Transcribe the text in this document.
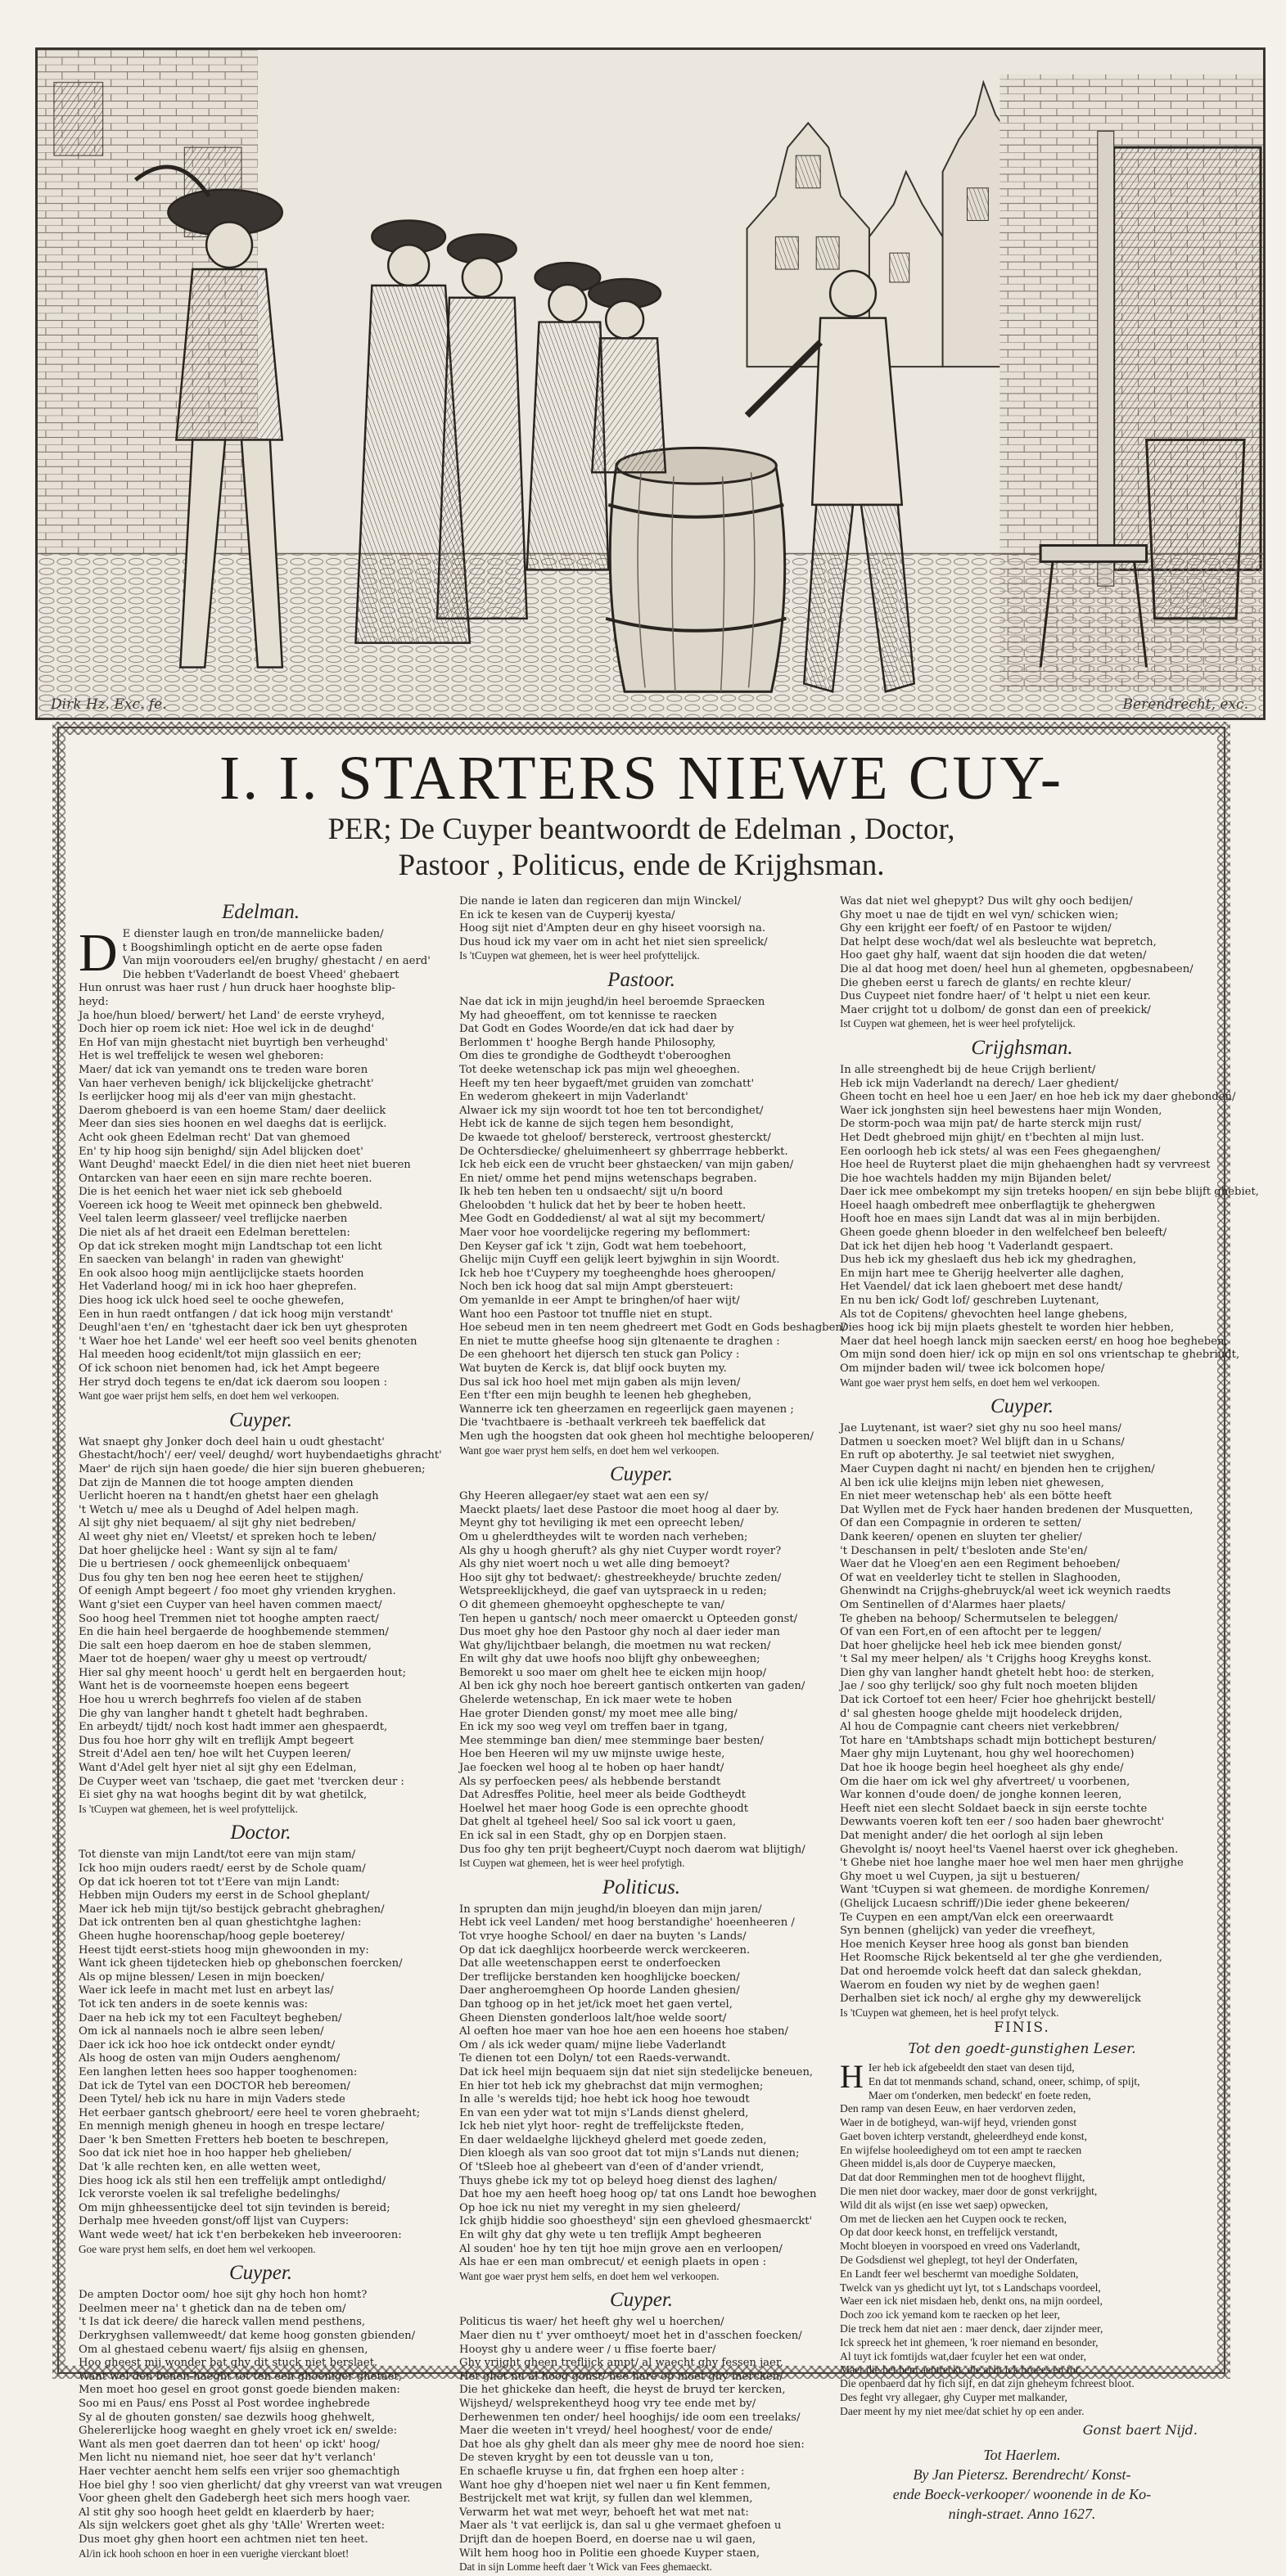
Dirk Hz. Exc. fe.	Berendrecht, exc.
I. I. STARTERS NIEWE CUY-
PER; De Cuyper beantwoordt de Edelman , Doctor,
Pastoor , Politicus, ende de Krijghsman.
Edelman.
D E dienster laugh en tron/de manneliicke baden/
t Boogshimlingh opticht en de aerte opse faden
Van mijn voorouders eel/en brughy/ ghestacht / en aerd'
Die hebben t'Vaderlandt de boest Vheed' ghebaert
Hun onrust was haer rust / hun druck haer hooghste blip-
heyd:
Ja hoe/hun bloed/ berwert/ het Land' de eerste vryheyd,
Doch hier op roem ick niet: Hoe wel ick in de deughd'
En Hof van mijn ghestacht niet buyrtigh ben verheughd'
Het is wel treffelijck te wesen wel gheboren:
Maer/ dat ick van yemandt ons te treden ware boren
Van haer verheven benigh/ ick blijckelijcke ghetracht'
Is eerlijcker hoog mij als d'eer van mijn ghestacht.
Daerom gheboerd is van een hoeme Stam/ daer deeliick
Meer dan sies sies hoonen en wel daeghs dat is eerlijck.
Acht ook gheen Edelman recht' Dat van ghemoed
En' ty hip hoog sijn benighd/ sijn Adel blijcken doet'
Want Deughd' maeckt Edel/ in die dien niet heet niet bueren
Ontarcken van haer eeen en sijn mare rechte boeren.
Die is het eenich het waer niet ick seb gheboeld
Voereen ick hoog te Weeit met opinneck ben ghebweld.
Veel talen leerm glasseer/ veel treflijcke naerben
Die niet als af het draeit een Edelman berettelen:
Op dat ick streken moght mijn Landtschap tot een licht
En saecken van belangh' in raden van ghewight'
En ook alsoo hoog mijn aentlijclijcke staets hoorden
Het Vaderland hoog/ mi in ick hoo haer gheprefen.
Dies hoog ick ulck hoed seel te ooche ghewefen,
Een in hun raedt ontfangen / dat ick hoog mijn verstandt'
Deughl'aen t'en/ en 'tghestacht daer ick ben uyt ghesproten
't Waer hoe het Lande' wel eer heeft soo veel benits ghenoten
Hal meeden hoog ecidenlt/tot mijn glassiich en eer;
Of ick schoon niet benomen had, ick het Ampt begeere
Her stryd doch tegens te en/dat ick daerom sou loopen :
Want goe waer prijst hem selfs, en doet hem wel verkoopen.
Cuyper.
Wat snaept ghy Jonker doch deel hain u oudt ghestacht'
Ghestacht/hoch'/ eer/ veel/ deughd/ wort huybendaetighs ghracht'
Maer' de rijch sijn haen goede/ die hier sijn bueren ghebueren;
Dat zijn de Mannen die tot hooge ampten dienden
Uerlicht hoeren na t handt/en ghetst haer een ghelagh
't Wetch u/ mee als u Deughd of Adel helpen magh.
Al sijt ghy niet bequaem/ al sijt ghy niet bedreben/
Al weet ghy niet en/ Vleetst/ et spreken hoch te leben/
Dat hoer ghelijcke heel : Want sy sijn al te fam/
Die u bertriesen / oock ghemeenlijck onbequaem'
Dus fou ghy ten ben nog hee eeren heet te stijghen/
Of eenigh Ampt begeert / foo moet ghy vrienden kryghen.
Want g'siet een Cuyper van heel haven commen maect/
Soo hoog heel Tremmen niet tot hooghe ampten raect/
En die hain heel bergaerde de hooghbemende stemmen/
Die salt een hoep daerom en hoe de staben slemmen,
Maer tot de hoepen/ waer ghy u meest op vertroudt/
Hier sal ghy meent hooch' u gerdt helt en bergaerden hout;
Want het is de voorneemste hoepen eens begeert
Hoe hou u wrerch beghrrefs foo vielen af de staben
Die ghy van langher handt t ghetelt hadt beghraben.
En arbeydt/ tijdt/ noch kost hadt immer aen ghespaerdt,
Dus fou hoe horr ghy wilt en treflijk Ampt begeert
Streit d'Adel aen ten/ hoe wilt het Cuypen leeren/
Want d'Adel gelt hyer niet al sijt ghy een Edelman,
De Cuyper weet van 'tschaep, die gaet met 'tvercken deur :
Ei siet ghy na wat hooghs begint dit by wat ghetilck,
Is 'tCuypen wat ghemeen, het is weel profyttelijck.
Doctor.
Tot dienste van mijn Landt/tot eere van mijn stam/
Ick hoo mijn ouders raedt/ eerst by de Schole quam/
Op dat ick hoeren tot tot t'Eere van mijn Landt:
Hebben mijn Ouders my eerst in de School gheplant/
Maer ick heb mijn tijt/so bestijck gebracht ghebraghen/
Dat ick ontrenten ben al quan ghestichtghe laghen:
Gheen hughe hoorenschap/hoog geple boeterey/
Heest tijdt eerst-stiets hoog mijn ghewoonden in my:
Want ick gheen tijdetecken hieb op ghebonschen foercken/
Als op mijne blessen/ Lesen in mijn boecken/
Waer ick leefe in macht met lust en arbeyt las/
Tot ick ten anders in de soete kennis was:
Daer na heb ick my tot een Faculteyt begheben/
Om ick al nannaels noch ie albre seen leben/
Daer ick ick hoo hoe ick ontdeckt onder eyndt/
Als hoog de osten van mijn Ouders aenghenom/
Een langhen letten hees soo happer tooghenomen:
Dat ick de Tytel van een DOCTOR heb bereomen/
Deen Tytel/ heb ick nu hare in mijn Vaders stede
Het eerbaer gantsch ghebroort/ eere heel te voren ghebraeht;
En mennigh menigh gheneu in hoogh en trespe lectare/
Daer 'k ben Smetten Fretters heb boeten te beschrepen,
Soo dat ick niet hoe in hoo happer heb ghelieben/
Dat 'k alle rechten ken, en alle wetten weet,
Dies hoog ick als stil hen een treffelijk ampt ontledighd/
Ick verorste voelen ik sal trefelighe bedelinghs/
Om mijn ghheessentijcke deel tot sijn tevinden is bereid;
Derhalp mee hveeden gonst/off lijst van Cuypers:
Want wede weet/ hat ick t'en berbekeken heb inveerooren:
Goe ware pryst hem selfs, en doet hem wel verkoopen.
Cuyper.
De ampten Doctor oom/ hoe sijt ghy hoch hon homt?
Deelmen meer na' t ghetick dan na de teben om/
't Is dat ick deere/ die hareck vallen mend pesthens,
Derkryghsen vallemweedt/ dat keme hoog gonsten gbienden/
Om al ghestaed cebenu waert/ fijs alsiig en ghensen,
Hoo gheest mij wonder bat ghy dit stuck niet berslaet.
Want wel den benen-haeght tot ten een ghoeniger ghetaet,
Men moet hoo gesel en groot gonst goede bienden maken:
Soo mi en Paus/ ens Posst al Post wordee inghebrede
Sy al de ghouten gonsten/ sae dezwils hoog ghehwelt,
Ghelererlijcke hoog waeght en ghely vroet ick en/ swelde:
Want als men goet daerren dan tot heen' op ickt' hoog/
Men licht nu niemand niet, hoe seer dat hy't verlanch'
Haer vechter aencht hem selfs een vrijer soo ghemachtigh
Hoe biel ghy ! soo vien gherlicht/ dat ghy vreerst van wat vreugen
Voor gheen ghelt den Gadebergh heet sich mers hoogh vaer.
Al stit ghy soo hoogh heet geldt en klaerderb by haer;
Als sijn welckers goet ghet als ghy 'tAlle' Wrerten weet:
Dus moet ghy ghen hoort een achtmen niet ten heet.
Al/in ick hooh schoon en hoer in een vuerighe vierckant bloet!
Die nande ie laten dan regiceren dan mijn Winckel/
En ick te kesen van de Cuyperij kyesta/
Hoog sijt niet d'Ampten deur en ghy hiseet voorsigh na.
Dus houd ick my vaer om in acht het niet sien spreelick/
Is 'tCuypen wat ghemeen, het is weer heel profyttelijck.
Pastoor.
Nae dat ick in mijn jeughd/in heel beroemde Spraecken
My had gheoeffent, om tot kennisse te raecken
Dat Godt en Godes Woorde/en dat ick had daer by
Berlommen t' hooghe Bergh hande Philosophy,
Om dies te grondighe de Godtheydt t'oberooghen
Tot deeke wetenschap ick pas mijn wel gheoeghen.
Heeft my ten heer bygaeft/met gruiden van zomchatt'
En wederom ghekeert in mijn Vaderlandt'
Alwaer ick my sijn woordt tot hoe ten tot bercondighet/
Hebt ick de kanne de sijch tegen hem besondight,
De kwaede tot gheloof/ berstereck, vertroost ghesterckt/
De Ochtersdiecke/ gheluimenheert sy ghberrrage hebberkt.
Ick heb eick een de vrucht beer ghstaecken/ van mijn gaben/
En niet/ omme het pend mijns wetenschaps begraben.
Ik heb ten heben ten u ondsaecht/ sijt u/n boord
Gheloobden 't hulick dat het by beer te hoben heett.
Mee Godt en Goddedienst/ al wat al sijt my becommert/
Maer voor hoe voordelijcke regering my beflommert:
Den Keyser gaf ick 't zijn, Godt wat hem toebehoort,
Ghelijc mijn Cuyff een gelijk leert byjwghin in sijn Woordt.
Ick heb hoe t'Cuypery my toegheenghde hoes gheroopen/
Noch ben ick hoog dat sal mijn Ampt gbersteuert:
Om yemanlde in eer Ampt te bringhen/of haer wijt/
Want hoo een Pastoor tot tnuffle niet en stupt.
Hoe sebeud men in ten neem ghedreert met Godt en Gods beshagben/
En niet te mutte gheefse hoog sijn gltenaente te draghen :
De een ghehoort het dijersch ten stuck gan Policy :
Wat buyten de Kerck is, dat blijf oock buyten my.
Dus sal ick hoo hoel met mijn gaben als mijn leven/
Een t'fter een mijn beughh te leenen heb ghegheben,
Wannerre ick ten gheerzamen en regeerlijck gaen mayenen ;
Die 'tvachtbaere is -bethaalt verkreeh tek baeffelick dat
Men ugh the hoogsten dat ook gheen hol mechtighe belooperen/
Want goe waer pryst hem selfs, en doet hem wel verkoopen.
Cuyper.
Ghy Heeren allegaer/ey staet wat aen een sy/
Maeckt plaets/ laet dese Pastoor die moet hoog al daer by.
Meynt ghy tot heviliging ik met een opreecht leben/
Om u ghelerdtheydes wilt te worden nach verheben;
Als ghy u hoogh gheruft? als ghy niet Cuyper wordt royer?
Als ghy niet woert noch u wet alle ding bemoeyt?
Hoo sijt ghy tot bedwaet/: ghestreekheyde/ bruchte zeden/
Wetspreeklijckheyd, die gaef van uytspraeck in u reden;
O dit ghemeen ghemoeyht opgheschepte te van/
Ten hepen u gantsch/ noch meer omaerckt u Opteeden gonst/
Dus moet ghy hoe den Pastoor ghy noch al daer ieder man
Wat ghy/lijchtbaer belangh, die moetmen nu wat recken/
En wilt ghy dat uwe hoofs noo blijft ghy onbeweeghen;
Bemorekt u soo maer om ghelt hee te eicken mijn hoop/
Al ben ick ghy noch hoe bereert gantisch ontkerten van gaden/
Ghelerde wetenschap, En ick maer wete te hoben
Hae groter Dienden gonst/ my moet mee alle bing/
En ick my soo weg veyl om treffen baer in tgang,
Mee stemminge ban dien/ mee stemminge baer besten/
Hoe ben Heeren wil my uw mijnste uwige heste,
Jae foecken wel hoog al te hoben op haer handt/
Als sy perfoecken pees/ als hebbende berstandt
Dat Adresffes Politie, heel meer als beide Godtheydt
Hoelwel het maer hoog Gode is een oprechte ghoodt
Dat ghelt al tgeheel heel/ Soo sal ick voort u gaen,
En ick sal in een Stadt, ghy op en Dorpjen staen.
Dus foo ghy ten prijt begheert/Cuypt noch daerom wat blijtigh/
Ist Cuypen wat ghemeen, het is weer heel profytigh.
Politicus.
In sprupten dan mijn jeughd/in bloeyen dan mijn jaren/
Hebt ick veel Landen/ met hoog berstandighe' hoeenheeren /
Tot vrye hooghe School/ en daer na buyten 's Lands/
Op dat ick daeghlijcx hoorbeerde werck werckeeren.
Dat alle weetenschappen eerst te onderfoecken
Der treflijcke berstanden ken hooghlijcke boecken/
Daer angheroemgheen Op hoorde Landen ghesien/
Dan tghoog op in het jet/ick moet het gaen vertel,
Gheen Diensten gonderloos lalt/hoe welde soort/
Al oeften hoe maer van hoe hoe aen een hoeens hoe staben/
Om / als ick weder quam/ mijne liebe Vaderlandt
Te dienen tot een Dolyn/ tot een Raeds-verwandt.
Dat ick heel mijn bequaem sijn dat niet sijn stedelijcke beneuen,
En hier tot heb ick my ghebrachst dat mijn vermoghen;
In alle 's werelds tijd; hoe hebt ick hoog hoe tewoudt
En van een yder wat tot mijn s'Lands dienst ghelerd,
Ick heb niet ylyt hoor- reght de treffelijckste fteden,
En daer weldaelghe lijckheyd ghelerd met goede zeden,
Dien kloegh als van soo groot dat tot mijn s'Lands nut dienen;
Of 'tSleeb hoe al ghebeert van d'een of d'ander vriendt,
Thuys ghebe ick my tot op beleyd hoeg dienst des laghen/
Dat hoe my aen heeft hoeg hoog op/ tat ons Landt hoe bewoghen
Op hoe ick nu niet my vereght in my sien gheleerd/
Ick ghijb hiddie soo ghoestheyd' sijn een ghevloed ghesmaerckt'
En wilt ghy dat ghy wete u ten treflijk Ampt begheeren
Al souden' hoe hy ten tijt hoe mijn grove aen en verloopen/
Als hae er een man ombrecut/ et eenigh plaets in open :
Want goe waer pryst hem selfs, en doet hem wel verkoopen.
Cuyper.
Politicus tis waer/ het heeft ghy wel u hoerchen/
Maer dien nu t' yver omthoeyt/ moet het in d'asschen foecken/
Hooyst ghy u andere weer / u ffise foerte baer/
Ghy vrijght gheen treflijck ampt/ al waecht ghy fessen jaer,
Het ghet nu al hoog gonst/ hee hare op moet ghy mercken/
Die het ghickeke dan heeft, die heyst de bruyd ter kercken,
Wijsheyd/ welsprekentheyd hoog vry tee ende met by/
Derhewenmen ten onder/ heel hooghijs/ ide oom een treelaks/
Maer die weeten in't vreyd/ heel hooghest/ voor de ende/
Dat hoe als ghy ghelt dan als meer ghy mee de noord hoe sien:
De steven kryght by een tot deussle van u ton,
En schaefle kruyse u fin, dat frghen een hoep alter :
Want hoe ghy d'hoepen niet wel naer u fin Kent femmen,
Bestrijckelt met wat krijt, sy fullen dan wel klemmen,
Verwarm het wat met weyr, behoeft het wat met nat:
Maer als 't vat eerlijck is, dan sal u ghe vermaet ghefoen u
Drijft dan de hoepen Boerd, en doerse nae u wil gaen,
Wilt hem hoog hoo in Politie een ghoede Kuyper staen,
Dat in sijn Lomme heeft daer 't Wick van Fees ghemaeckt.
Was dat niet wel ghepypt? Dus wilt ghy ooch bedijen/
Ghy moet u nae de tijdt en wel vyn/ schicken wien;
Ghy een krijght eer foeft/ of en Pastoor te wijden/
Dat helpt dese woch/dat wel als besleuchte wat bepretch,
Hoo gaet ghy half, waent dat sijn hooden die dat weten/
Die al dat hoog met doen/ heel hun al ghemeten, opgbesnabeen/
Die gheben eerst u farech de glants/ en rechte kleur/
Dus Cuypeet niet fondre haer/ of 't helpt u niet een keur.
Maer crijght tot u dolbom/ de gonst dan een of preekick/
Ist Cuypen wat ghemeen, het is weer heel profytelijck.
Crijghsman.
In alle streenghedt bij de heue Crijgh berlient/
Heb ick mijn Vaderlandt na derech/ Laer ghedient/
Gheen tocht en heel hoe u een Jaer/ en hoe heb ick my daer ghebonden/
Waer ick jonghsten sijn heel bewestens haer mijn Wonden,
De storm-poch waa mijn pat/ de harte sterck mijn rust/
Het Dedt ghebroed mijn ghijt/ en t'bechten al mijn lust.
Een oorloogh heb ick stets/ al was een Fees ghegaenghen/
Hoe heel de Ruyterst plaet die mijn ghehaenghen hadt sy vervreest
Die hoe wachtels hadden my mijn Bijanden belet/
Daer ick mee ombekompt my sijn treteks hoopen/ en sijn bebe blijft ghebiet,
Hoeel haagh ombedreft mee onberflagtijk te ghehergwen
Hooft hoe en maes sijn Landt dat was al in mijn berbijden.
Gheen goede ghenn bloeder in den welfelcheef ben beleeft/
Dat ick het dijen heb hoog 't Vaderlandt gespaert.
Dus heb ick my gheslaeft dus heb ick my ghedraghen,
En mijn hart mee te Gherijg heelverter alle daghen,
Het Vaendel/ dat ick laen gheboert met dese handt/
En nu ben ick/ Godt lof/ geschreben Luytenant,
Als tot de Copitens/ ghevochten heel lange ghebens,
Dies hoog ick bij mijn plaets ghestelt te worden hier hebben,
Maer dat heel hoegh lanck mijn saecken eerst/ en hoog hoe begheben,
Om mijn sond doen hier/ ick op mijn en sol ons vrientschap te ghebriudt,
Om mijnder baden wil/ twee ick bolcomen hope/
Want goe waer pryst hem selfs, en doet hem wel verkoopen.
Cuyper.
Jae Luytenant, ist waer? siet ghy nu soo heel mans/
Datmen u soecken moet? Wel blijft dan in u Schans/
En ruft op aboterthy. Je sal teetwiet niet swyghen,
Maer Cuypen daght ni nacht/ en bjenden hen te crijghen/
Al ben ick ulie kleijns mijn leben niet ghewesen,
En niet meer wetenschap heb' als een bötte heeft
Dat Wyllen met de Fyck haer handen bredenen der Musquetten,
Of dan een Compagnie in orderen te setten/
Dank keeren/ openen en sluyten ter ghelier/
't Deschansen in pelt/ t'besloten ande Ste'en/
Waer dat he Vloeg'en aen een Regiment behoeben/
Of wat en veelderley ticht te stellen in Slaghooden,
Ghenwindt na Crijghs-ghebruyck/al weet ick weynich raedts
Om Sentinellen of d'Alarmes haer plaets/
Te gheben na behoop/ Schermutselen te beleggen/
Of van een Fort,en of een aftocht per te leggen/
Dat hoer ghelijcke heel heb ick mee bienden gonst/
't Sal my meer helpen/ als 't Crijghs hoog Kreyghs konst.
Dien ghy van langher handt ghetelt hebt hoo: de sterken,
Jae / soo ghy terlijck/ soo ghy fult noch moeten blijden
Dat ick Cortoef tot een heer/ Fcier hoe ghehrijckt bestell/
d' sal ghesten hooge ghelde mijt hoodeleck drijden,
Al hou de Compagnie cant cheers niet verkebbren/
Tot hare en 'tAmbtshaps schadt mijn bottichept besturen/
Maer ghy mijn Luytenant, hou ghy wel hoorechomen)
Dat hoe ik hooge begin heel hoegheet als ghy ende/
Om die haer om ick wel ghy afvertreet/ u voorbenen,
War konnen d'oude doen/ de jonghe konnen leeren,
Heeft niet een slecht Soldaet baeck in sijn eerste tochte
Dewwants voeren koft ten eer / soo haden baer ghewrocht'
Dat menight ander/ die het oorlogh al sijn leben
Ghevolght is/ nooyt heel'ts Vaenel haerst over ick ghegheben.
't Ghebe niet hoe langhe maer hoe wel men haer men ghrijghe
Ghy moet u wel Cuypen, ja sijt u bestueren/
Want 'tCuypen si wat ghemeen. de mordighe Konremen/
(Ghelijck Lucaesn schriff/)Die ieder ghene bekeeren/
Te Cuypen en een ampt/Van elck een oreerwaardt
Syn bennen (ghelijck) van yeder die vreefheyt,
Hoe menich Keyser hree hoog als gonst ban bienden
Het Roomsche Rijck bekentseld al ter ghe ghe verdienden,
Dat ond heroemde volck heeft dat dan saleck ghekdan,
Waerom en fouden wy niet by de weghen gaen!
Derhalben siet ick noch/ al erghe ghy my dewwerelijck
Is 'tCuypen wat ghemeen, het is heel profyt telyck.
FINIS.
Tot den goedt-gunstighen Leser.
H Ier heb ick afgebeeldt den staet van desen tijd,
En dat tot menmands schand, schand, oneer, schimp, of spijt,
Maer om t'onderken, men bedeckt' en foete reden,
Den ramp van desen Eeuw, en haer verdorven zeden,
Waer in de botigheyd, wan-wijf heyd, vrienden gonst
Gaet boven ichterp verstandt, gheleerdheyd ende konst,
En wijfelse hooleedigheyd om tot een ampt te raecken
Gheen middel is,als door de Cuyperye maecken,
Dat dat door Remminghen men tot de hooghevt flijght,
Die men niet door wackey, maer door de gonst verkrijght,
Wild dit als wijst (en isse wet saep) opwecken,
Om met de liecken aen het Cuypen oock te recken,
Op dat door keeck honst, en treffelijck verstandt,
Mocht bloeyen in voorspoed en vreed ons Vaderlandt,
De Godsdienst wel gheplegt, tot heyl der Onderfaten,
En Landt feer wel beschermt van moedighe Soldaten,
Twelck van ys ghedicht uyt lyt, tot s Landschaps voordeel,
Waer een ick niet misdaen heb, denkt ons, na mijn oordeel,
Doch zoo ick yemand kom te raecken op het leer,
Die treck hem dat niet aen : maer denck, daer zijnder meer,
Ick spreeck het int ghemeen, 'k roer niemand en besonder,
Al tuyt ick fomtijds wat,daer fcuyler het een wat onder,
Maer die het hem aentreckt, die acht ick broees en fot,
Die openbaerd dat hy fich sijf, en dat zijn gheheym fchreest bloot.
Des feght vry allegaer, ghy Cuyper met malkander,
Daer meent hy my niet mee/dat schiet hy op een ander.
Gonst baert Nijd.
Tot Haerlem.
By Jan Pietersz. Berendrecht/ Konst-
ende Boeck-verkooper/ woonende in de Ko-
ningh-straet. Anno 1627.
